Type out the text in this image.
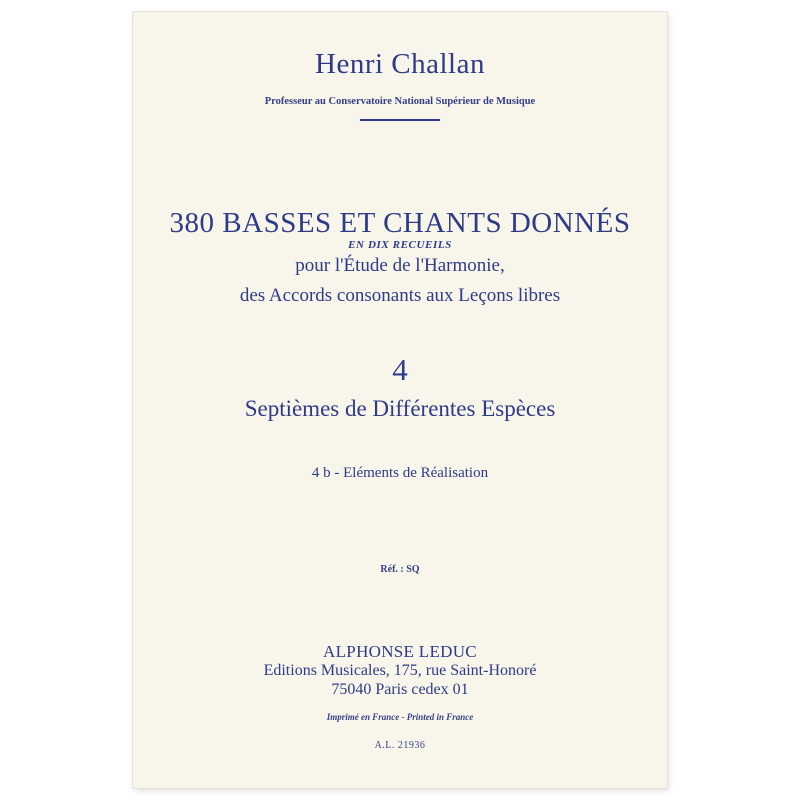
Henri Challan
Professeur au Conservatoire National Supérieur de Musique
380 BASSES ET CHANTS DONNÉS
EN DIX RECUEILS
pour l'Étude de l'Harmonie,
des Accords consonants aux Leçons libres
4
Septièmes de Différentes Espèces
4 b - Eléments de Réalisation
Réf. : SQ
ALPHONSE LEDUC
Editions Musicales, 175, rue Saint-Honoré
75040 Paris cedex 01
Imprimé en France - Printed in France
A.L. 21936
